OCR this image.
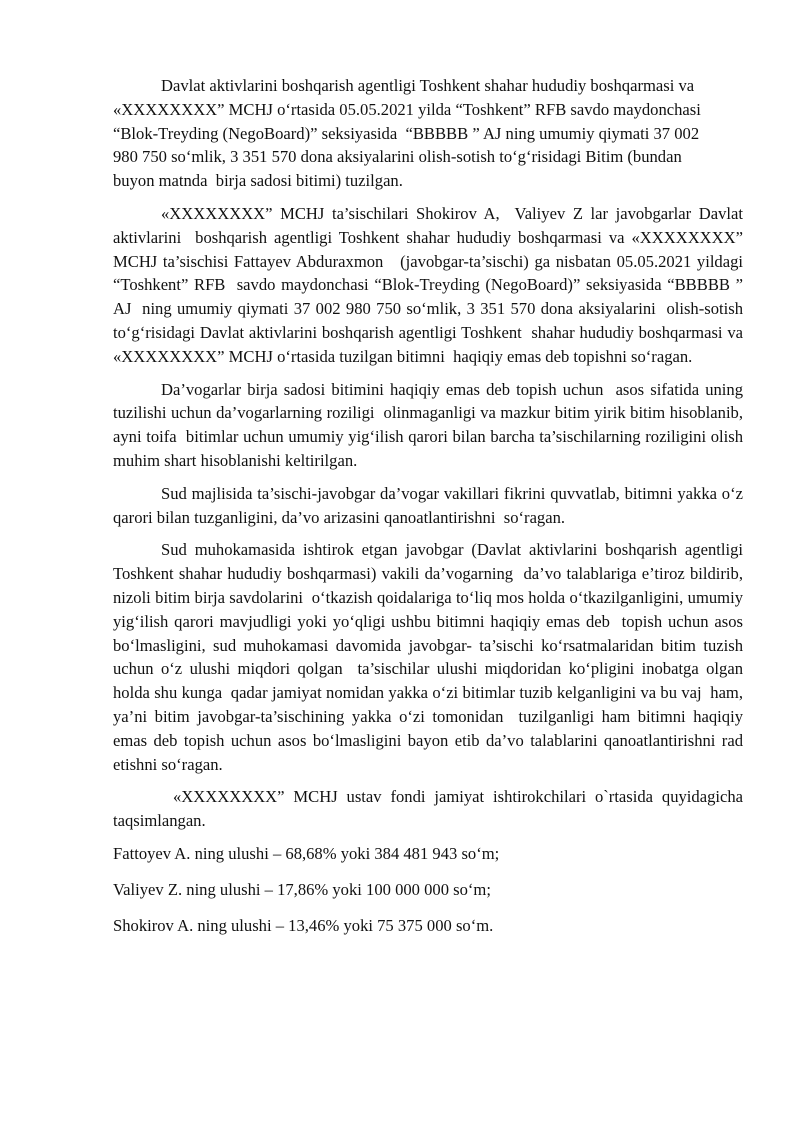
Davlat aktivlarini boshqarish agentligi Toshkent shahar hududiy boshqarmasi va «XXXXXXXX” MCHJ o‘rtasida 05.05.2021 yilda “Toshkent” RFB savdo maydonchasi “Blok-Treyding (NegoBoard)” seksiyasida  “BBBBB ” AJ ning umumiy qiymati 37 002 980 750 so‘mlik, 3 351 570 dona aksiyalarini olish-sotish to‘g‘risidagi Bitim (bundan buyon matnda  birja sadosi bitimi) tuzilgan.

«XXXXXXXX” MCHJ ta’sischilari Shokirov A,  Valiyev Z lar javobgarlar Davlat aktivlarini  boshqarish agentligi Toshkent shahar hududiy boshqarmasi va «XXXXXXXX” MCHJ ta’sischisi Fattayev Abduraxmon   (javobgar-ta’sischi) ga nisbatan 05.05.2021 yildagi “Toshkent” RFB  savdo maydonchasi “Blok-Treyding (NegoBoard)” seksiyasida “BBBBB ” AJ  ning umumiy qiymati 37 002 980 750 so‘mlik, 3 351 570 dona aksiyalarini  olish-sotish to‘g‘risidagi Davlat aktivlarini boshqarish agentligi Toshkent  shahar hududiy boshqarmasi va «XXXXXXXX” MCHJ o‘rtasida tuzilgan bitimni  haqiqiy emas deb topishni so‘ragan.

Da’vogarlar birja sadosi bitimini haqiqiy emas deb topish uchun  asos sifatida uning tuzilishi uchun da’vogarlarning roziligi  olinmaganligi va mazkur bitim yirik bitim hisoblanib, ayni toifa  bitimlar uchun umumiy yig‘ilish qarori bilan barcha ta’sischilarning roziligini olish muhim shart hisoblanishi keltirilgan.

Sud majlisida ta’sischi-javobgar da’vogar vakillari fikrini quvvatlab, bitimni yakka o‘z qarori bilan tuzganligini, da’vo arizasini qanoatlantirishni  so‘ragan.

Sud muhokamasida ishtirok etgan javobgar (Davlat aktivlarini boshqarish agentligi  Toshkent shahar hududiy boshqarmasi) vakili da’vogarning  da’vo talablariga e’tiroz bildirib, nizoli bitim birja savdolarini  o‘tkazish qoidalariga to‘liq mos holda o‘tkazilganligini, umumiy  yig‘ilish qarori mavjudligi yoki yo‘qligi ushbu bitimni haqiqiy emas deb  topish uchun asos bo‘lmasligini, sud muhokamasi davomida javobgar- ta’sischi ko‘rsatmalaridan bitim tuzish uchun o‘z ulushi miqdori qolgan  ta’sischilar ulushi miqdoridan ko‘pligini inobatga olgan holda shu kunga  qadar jamiyat nomidan yakka o‘zi bitimlar tuzib kelganligini va bu vaj  ham, ya’ni bitim javobgar-ta’sischining yakka o‘zi tomonidan  tuzilganligi ham bitimni haqiqiy emas deb topish uchun asos bo‘lmasligini bayon etib da’vo talablarini qanoatlantirishni rad  etishni so‘ragan.

«XXXXXXXX” MCHJ ustav fondi jamiyat ishtirokchilari o`rtasida quyidagicha taqsimlangan.

Fattoyev A. ning ulushi – 68,68% yoki 384 481 943 so‘m;

Valiyev Z. ning ulushi – 17,86% yoki 100 000 000 so‘m;

Shokirov A. ning ulushi – 13,46% yoki 75 375 000 so‘m.
